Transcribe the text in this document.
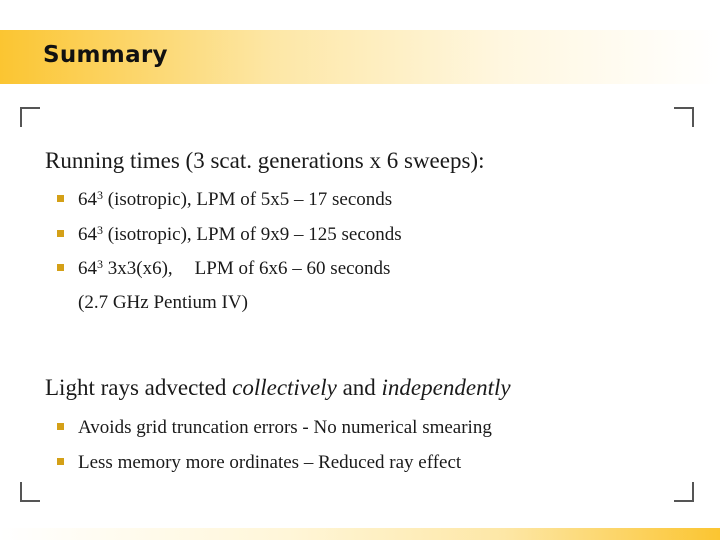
Summary
Running times (3 scat. generations x 6 sweeps):
$64^3$ (isotropic), LPM of 5x5 – 17 seconds
$64^3$ (isotropic), LPM of 9x9 – 125 seconds
$64^3$ 3x3(x6), LPM of 6x6 – 60 seconds
(2.7 GHz Pentium IV)
Light rays advected collectively and independently
Avoids grid truncation errors - No numerical smearing
Less memory more ordinates – Reduced ray effect
